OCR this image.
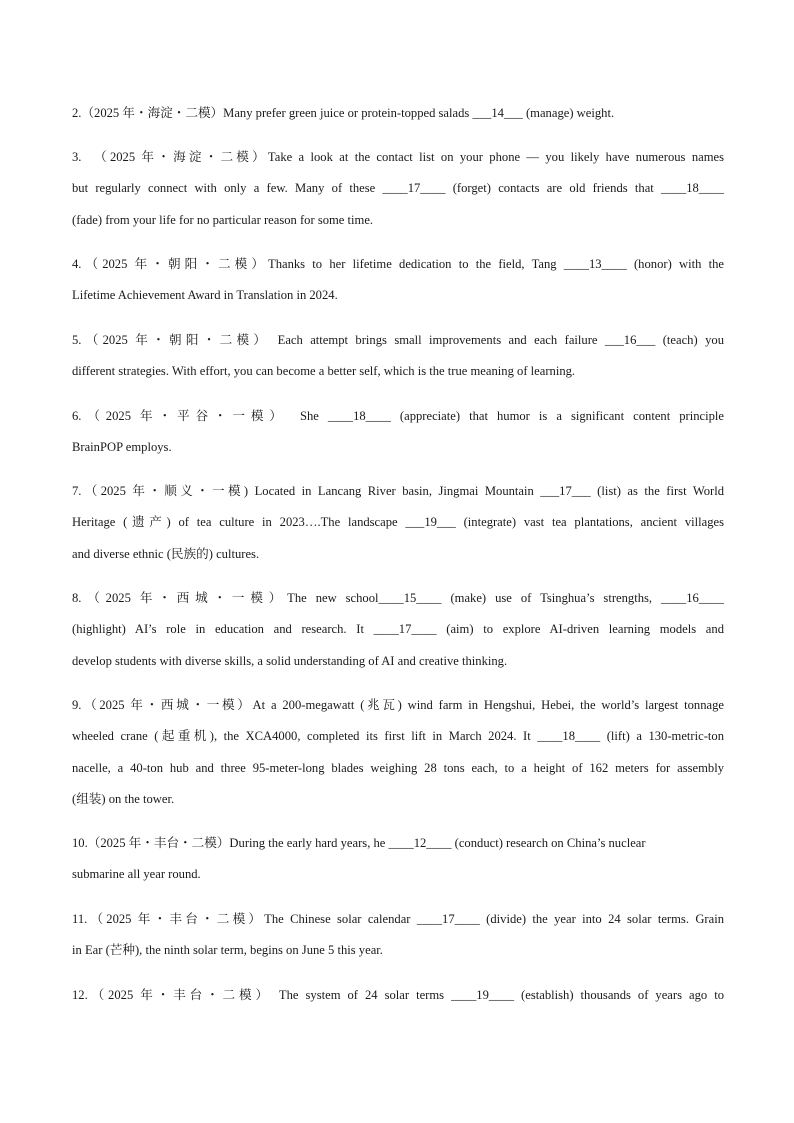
2.（2025 年・海淀・二模）Many prefer green juice or protein-topped salads ___14___ (manage) weight.
3.　（2025 年・海淀・二模）Take a look at the contact list on your phone — you likely have numerous names
but regularly connect with only a few. Many of these ____17____ (forget) contacts are old friends that ____18____
(fade) from your life for no particular reason for some time.
4.（2025 年・朝阳・二模）Thanks to her lifetime dedication to the field, Tang ____13____ (honor) with the
Lifetime Achievement Award in Translation in 2024.
5.（2025 年・朝阳・二模） Each attempt brings small improvements and each failure ___16___ (teach) you
different strategies. With effort, you can become a better self, which is the true meaning of learning.
6.（2025 年・平谷・一模）　She ____18____ (appreciate) that humor is a significant content principle
BrainPOP employs.
7.（2025 年・顺义・一模) Located in Lancang River basin, Jingmai Mountain ___17___ (list) as the first World
Heritage (遗产) of tea culture in 2023….The landscape ___19___ (integrate) vast tea plantations, ancient villages
and diverse ethnic (民族的) cultures.
8.（2025 年・西城・一模）The new school____15____ (make) use of Tsinghua’s strengths, ____16____
(highlight) AI’s role in education and research. It ____17____ (aim) to explore AI-driven learning models and
develop students with diverse skills, a solid understanding of AI and creative thinking.
9.（2025 年・西城・一模）At a 200-megawatt (兆瓦) wind farm in Hengshui, Hebei, the world’s largest tonnage
wheeled crane (起重机), the XCA4000, completed its first lift in March 2024. It ____18____ (lift) a 130-metric-ton
nacelle, a 40-ton hub and three 95-meter-long blades weighing 28 tons each, to a height of 162 meters for assembly
(组装) on the tower.
10.（2025 年・丰台・二模）During the early hard years, he ____12____ (conduct) research on China’s nuclear
submarine all year round.
11.（2025 年・丰台・二模）The Chinese solar calendar ____17____ (divide) the year into 24 solar terms. Grain
in Ear (芒种), the ninth solar term, begins on June 5 this year.
12.（2025 年・丰台・二模） The system of 24 solar terms ____19____ (establish) thousands of years ago to
